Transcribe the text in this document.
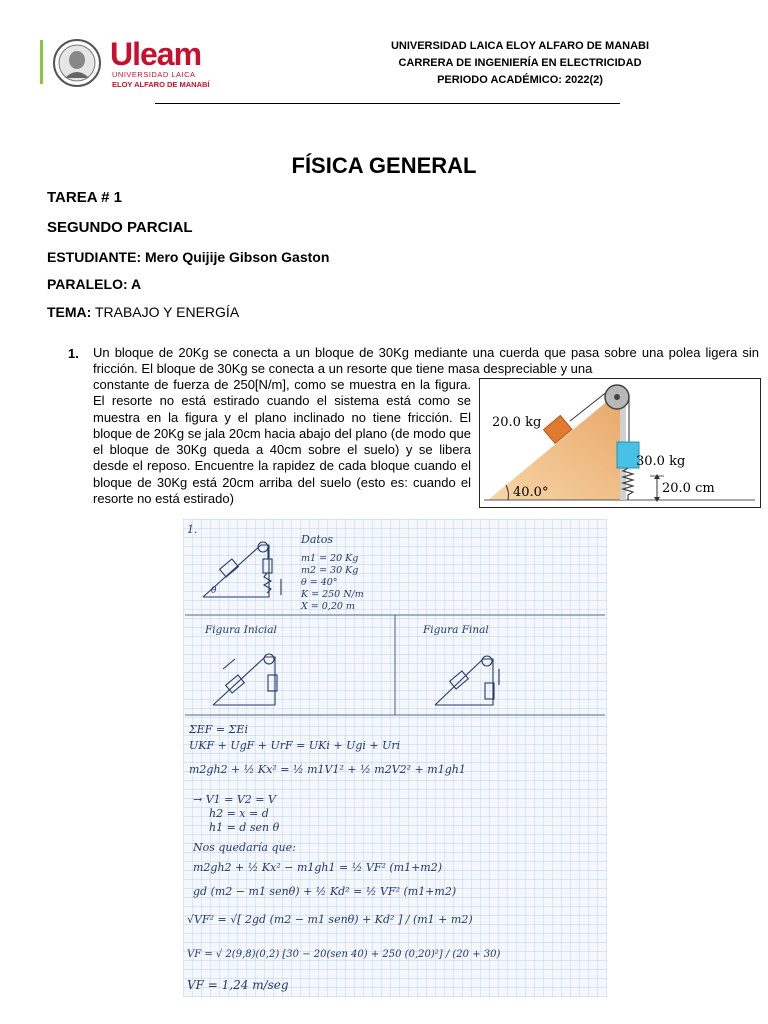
Uleam
UNIVERSIDAD LAICA
ELOY ALFARO DE MANABÍ
UNIVERSIDAD LAICA ELOY ALFARO DE MANABI
CARRERA DE INGENIERÍA EN ELECTRICIDAD
PERIODO ACADÉMICO: 2022(2)
FÍSICA GENERAL
TAREA # 1
SEGUNDO PARCIAL
ESTUDIANTE: Mero Quijije Gibson Gaston
PARALELO: A
TEMA: TRABAJO Y ENERGÍA
1. Un bloque de 20Kg se conecta a un bloque de 30Kg mediante una cuerda que pasa sobre una polea ligera sin fricción. El bloque de 30Kg se conecta a un resorte que tiene masa despreciable y una
constante de fuerza de 250[N/m], como se muestra en la figura. El resorte no está estirado cuando el sistema está como se muestra en la figura y el plano inclinado no tiene fricción. El bloque de 20Kg se jala 20cm hacia abajo del plano (de modo que el bloque de 30Kg queda a 40cm sobre el suelo) y se libera desde el reposo. Encuentre la rapidez de cada bloque cuando el bloque de 30Kg está 20cm arriba del suelo (esto es: cuando el resorte no está estirado)
20.0 kg
30.0 kg
20.0 cm
40.0°
1.
θ
Datos
m1 = 20 Kg
m2 = 30 Kg
θ = 40°
K = 250 N/m
X = 0,20 m
Figura Inicial	Figura Final
ΣEF = ΣEi
UKF + UgF + UrF = UKi + Ugi + Uri
m2gh2 + ½ Kx² = ½ m1V1² + ½ m2V2² + m1gh1
→ V1 = V2 = V
h2 = x = d
h1 = d sen θ
Nos quedaría que:
m2gh2 + ½ Kx² − m1gh1 = ½ VF² (m1+m2)
gd (m2 − m1 senθ) + ½ Kd² = ½ VF² (m1+m2)
√VF² = √[ 2gd (m2 − m1 senθ) + Kd² ] / (m1 + m2)
VF = √ 2(9,8)(0,2) [30 − 20(sen 40) + 250 (0,20)²] / (20 + 30)
VF = 1,24 m/seg
